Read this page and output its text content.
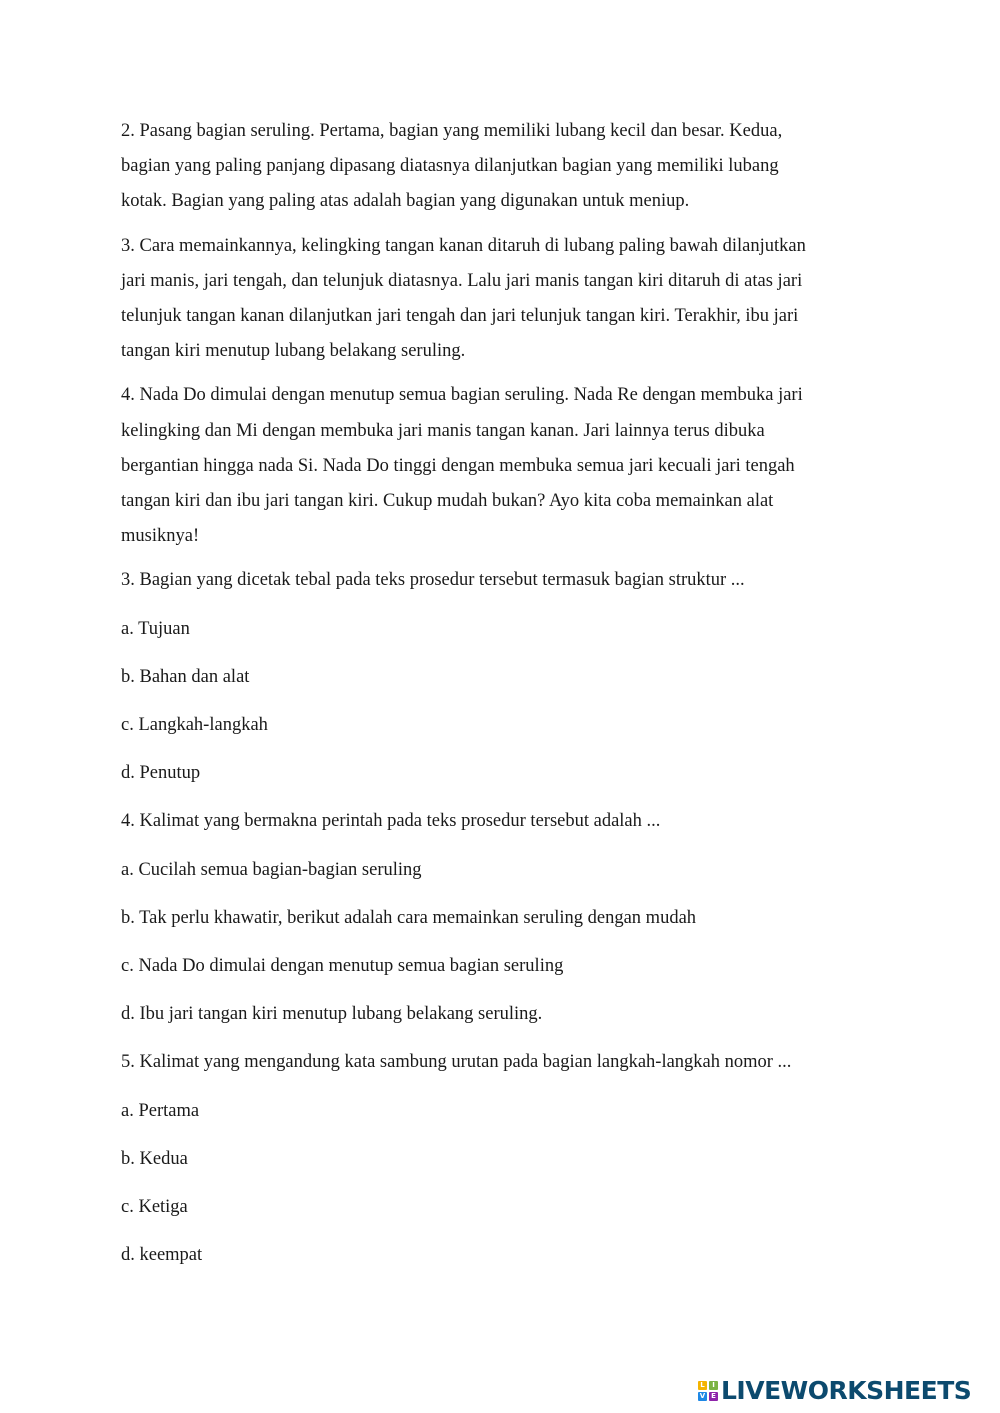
2. Pasang bagian seruling. Pertama, bagian yang memiliki lubang kecil dan besar. Kedua,
bagian yang paling panjang dipasang diatasnya dilanjutkan bagian yang memiliki lubang
kotak. Bagian yang paling atas adalah bagian yang digunakan untuk meniup.

3. Cara memainkannya, kelingking tangan kanan ditaruh di lubang paling bawah dilanjutkan
jari manis, jari tengah, dan telunjuk diatasnya. Lalu jari manis tangan kiri ditaruh di atas jari
telunjuk tangan kanan dilanjutkan jari tengah dan jari telunjuk tangan kiri. Terakhir, ibu jari
tangan kiri menutup lubang belakang seruling.

4. Nada Do dimulai dengan menutup semua bagian seruling. Nada Re dengan membuka jari
kelingking dan Mi dengan membuka jari manis tangan kanan. Jari lainnya terus dibuka
bergantian hingga nada Si. Nada Do tinggi dengan membuka semua jari kecuali jari tengah
tangan kiri dan ibu jari tangan kiri. Cukup mudah bukan? Ayo kita coba memainkan alat
musiknya!

3. Bagian yang dicetak tebal pada teks prosedur tersebut termasuk bagian struktur ...
a. Tujuan
b. Bahan dan alat
c. Langkah-langkah
d. Penutup
4. Kalimat yang bermakna perintah pada teks prosedur tersebut adalah ...
a. Cucilah semua bagian-bagian seruling
b. Tak perlu khawatir, berikut adalah cara memainkan seruling dengan mudah
c. Nada Do dimulai dengan menutup semua bagian seruling
d. Ibu jari tangan kiri menutup lubang belakang seruling.
5. Kalimat yang mengandung kata sambung urutan pada bagian langkah-langkah nomor ...
a. Pertama
b. Kedua
c. Ketiga
d. keempat
L	I
V E LIVEWORKSHEETS
